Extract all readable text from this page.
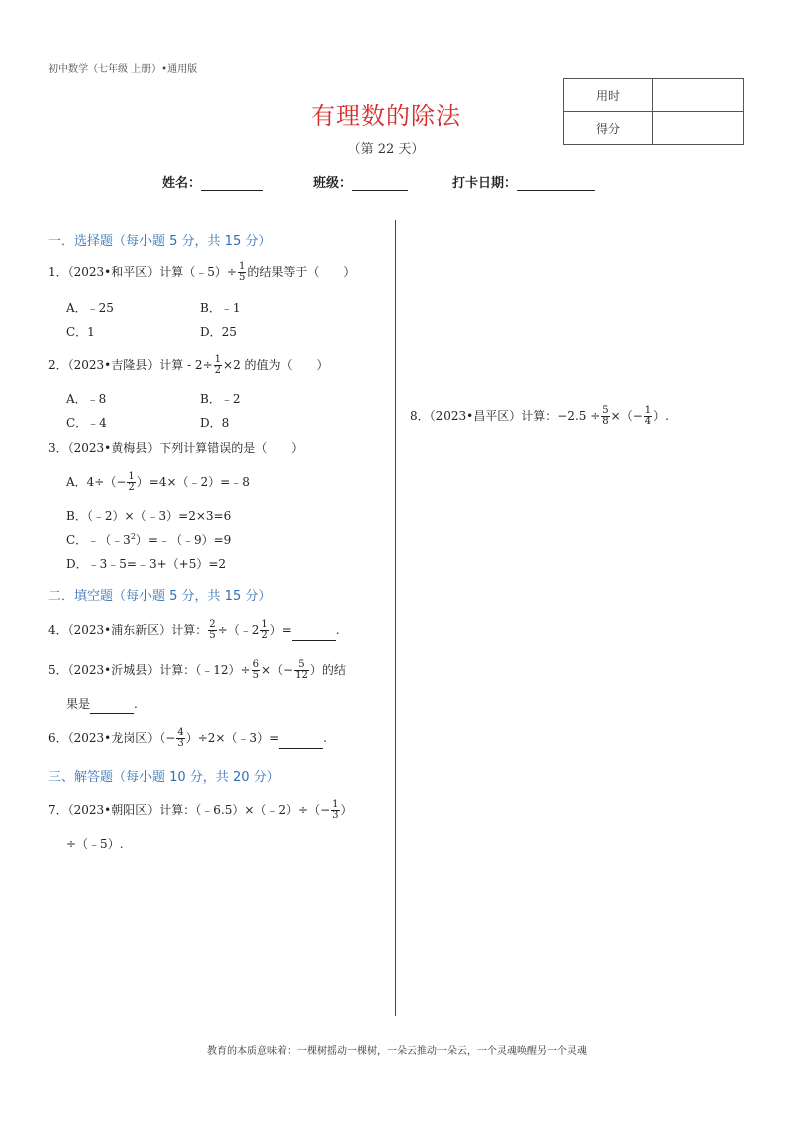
初中数学（七年级 上册）•通用版
有理数的除法
（第 22 天）
用时	
得分	
姓名：	班级：	打卡日期：
一．选择题（每小题 5 分，共 15 分）
1．（2023•和平区）计算（﹣5）÷ $\frac{1}{5}$ 的结果等于（　　）
A．﹣25	B．﹣1
C．1	D．25
2．（2023•吉隆县）计算 - $2\div \frac{1}{2} \times 2$ 的值为（　　）
A．﹣8	B．﹣2
C．﹣4	D．8
3．（2023•黄梅县）下列计算错误的是（　　）
A．$4\div(- \frac{1}{2}$ ）=4×（﹣2）=﹣8
B．（﹣2）×（﹣3）=2×3=6
C．$﹣(﹣3^2)=﹣(﹣9)=9$
D．﹣3﹣5=﹣3+（+5）=2
二．填空题（每小题 5 分，共 15 分）
4．（2023•浦东新区）计算： $\frac{2}{5}$ ÷（﹣2 $\frac{1}{2}$ ）=	.
5．（2023•沂城县）计算：（﹣12）÷ $\frac{6}{5}$ ×（− $\frac{5}{12}$ ）的结
果是	.
6．（2023•龙岗区）（− $\frac{4}{3}$ ）÷2×（﹣3）=	.
三、解答题（每小题 10 分，共 20 分）
7．（2023•朝阳区）计算：（﹣6.5）×（﹣2）÷（− $\frac{1}{3}$ ）
÷（﹣5）.
8．（2023•昌平区）计算：$-2.5 \div \frac{5}{8}$ ×（− $\frac{1}{4}$ ）.
教育的本质意味着：一棵树摇动一棵树，一朵云推动一朵云，一个灵魂唤醒另一个灵魂
